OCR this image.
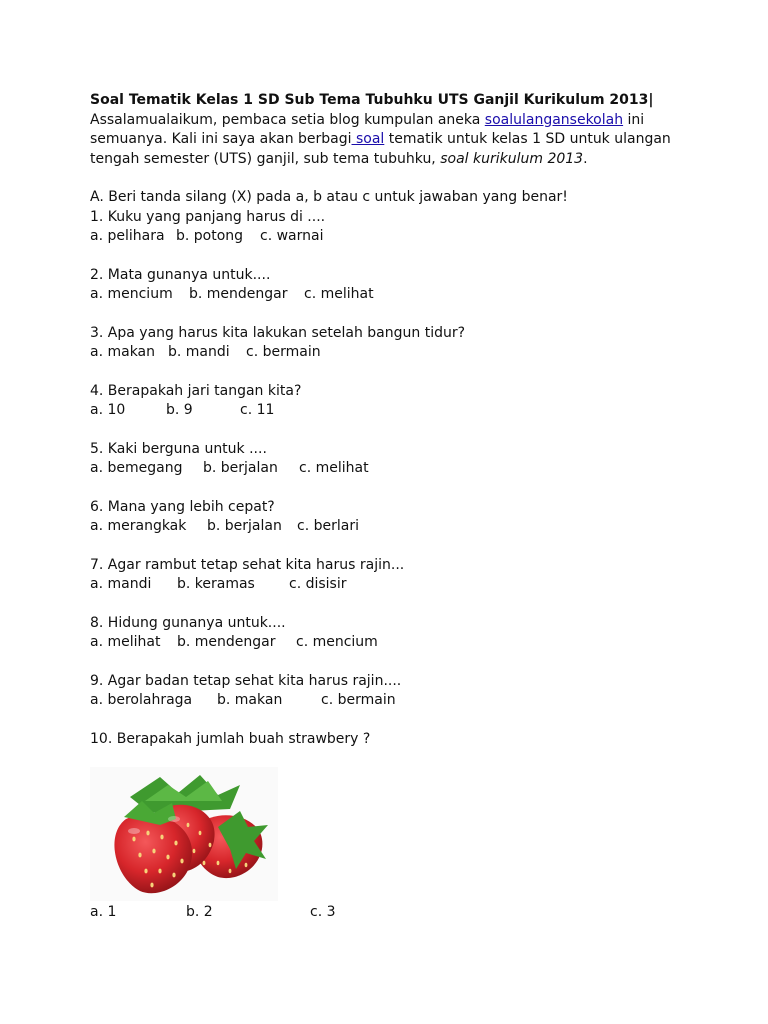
Soal Tematik Kelas 1 SD Sub Tema Tubuhku UTS Ganjil Kurikulum 2013|
Assalamualaikum, pembaca setia blog kumpulan aneka soalulangansekolah ini semuanya. Kali ini saya akan berbagi soal tematik untuk kelas 1 SD untuk ulangan tengah semester (UTS) ganjil, sub tema tubuhku, soal kurikulum 2013.
A. Beri tanda silang (X) pada a, b atau c untuk jawaban yang benar!
1. Kuku yang panjang harus di ....
a. pelihara b. potong c. warnai
2. Mata gunanya untuk....
a. mencium b. mendengar c. melihat
3. Apa yang harus kita lakukan setelah bangun tidur?
a. makan b. mandi c. bermain
4. Berapakah jari tangan kita?
a. 10	b. 9	c. 11
5. Kaki berguna untuk ....
a. bemegang b. berjalan c. melihat
6. Mana yang lebih cepat?
a. merangkak b. berjalan c. berlari
7. Agar rambut tetap sehat kita harus rajin...
a. mandi b. keramas c. disisir
8. Hidung gunanya untuk....
a. melihat b. mendengar c. mencium
9. Agar badan tetap sehat kita harus rajin....
a. berolahraga b. makan	c. bermain
10. Berapakah jumlah buah strawbery ?
a. 1	b. 2	c. 3
